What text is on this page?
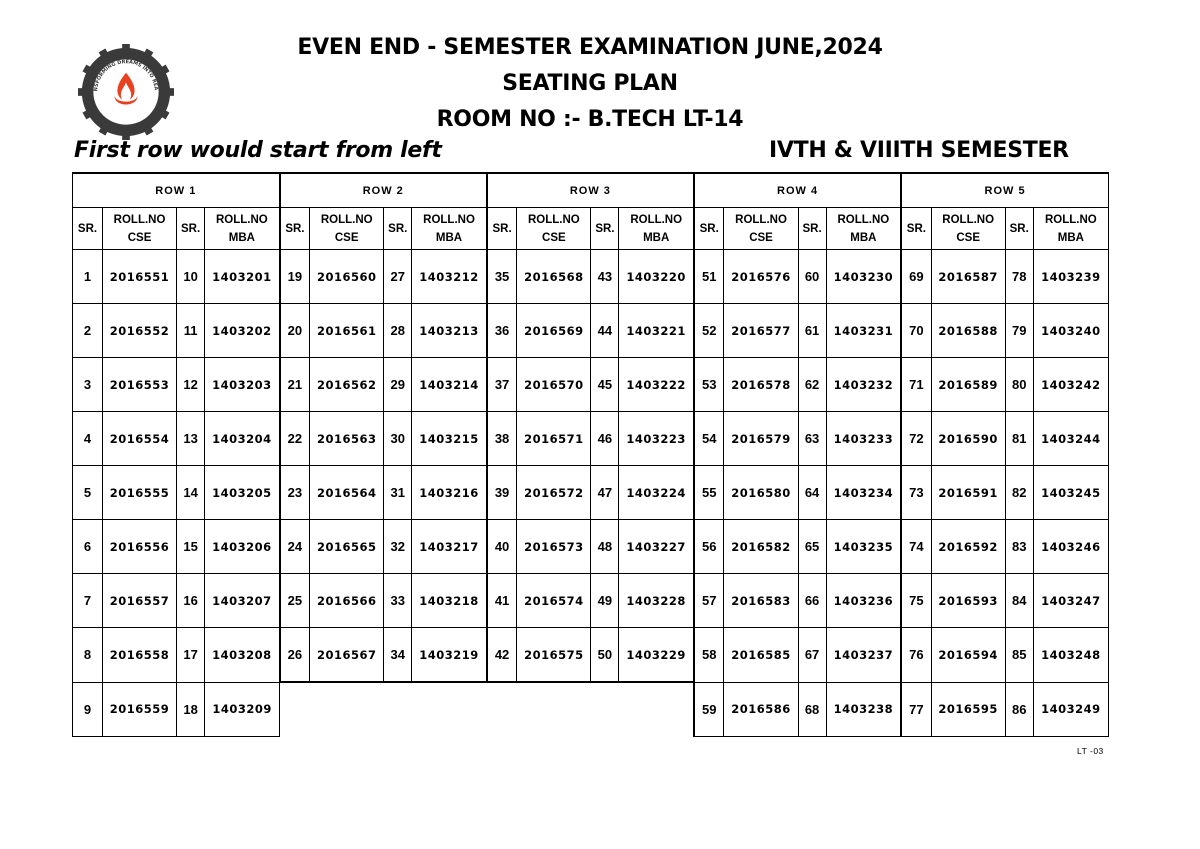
NSFORMING DREAMS INTO REA
GRAPHIC ERA
EVEN END - SEMESTER EXAMINATION JUNE,2024
SEATING PLAN
ROOM NO :- B.TECH LT-14
First row would start from left	IVTH & VIIITH SEMESTER
ROW 1				ROW 2				ROW 3				ROW 4				ROW 5			
SR.	ROLL.NO CSE	SR.	ROLL.NO MBA	SR.	ROLL.NO CSE	SR.	ROLL.NO MBA	SR.	ROLL.NO CSE	SR.	ROLL.NO MBA	SR.	ROLL.NO CSE	SR.	ROLL.NO MBA	SR.	ROLL.NO CSE	SR.	ROLL.NO MBA
1	2016551	10	1403201	19	2016560	27	1403212	35	2016568	43	1403220	51	2016576	60	1403230	69	2016587	78	1403239
2	2016552	11	1403202	20	2016561	28	1403213	36	2016569	44	1403221	52	2016577	61	1403231	70	2016588	79	1403240
3	2016553	12	1403203	21	2016562	29	1403214	37	2016570	45	1403222	53	2016578	62	1403232	71	2016589	80	1403242
4	2016554	13	1403204	22	2016563	30	1403215	38	2016571	46	1403223	54	2016579	63	1403233	72	2016590	81	1403244
5	2016555	14	1403205	23	2016564	31	1403216	39	2016572	47	1403224	55	2016580	64	1403234	73	2016591	82	1403245
6	2016556	15	1403206	24	2016565	32	1403217	40	2016573	48	1403227	56	2016582	65	1403235	74	2016592	83	1403246
7	2016557	16	1403207	25	2016566	33	1403218	41	2016574	49	1403228	57	2016583	66	1403236	75	2016593	84	1403247
8	2016558	17	1403208	26	2016567	34	1403219	42	2016575	50	1403229	58	2016585	67	1403237	76	2016594	85	1403248
9	2016559	18	1403209									59	2016586	68	1403238	77	2016595	86	1403249
LT -03
